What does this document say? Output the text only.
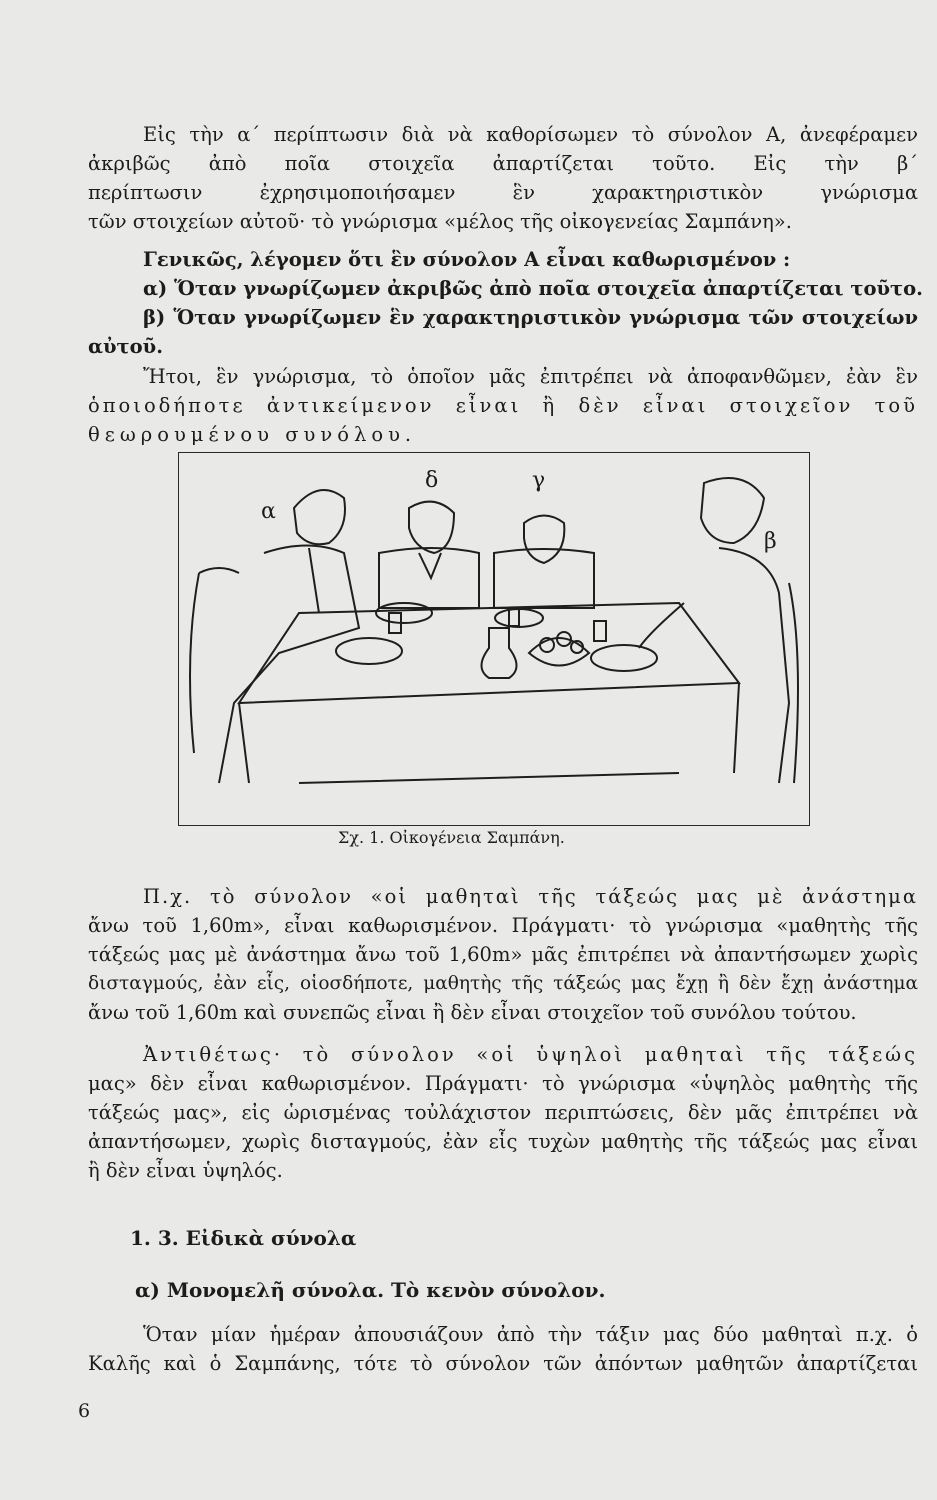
Εἰς τὴν α΄ περίπτωσιν διὰ νὰ καθορίσωμεν τὸ σύνολον Α, ἀνεφέραμεν
ἀκριβῶς ἀπὸ ποῖα στοιχεῖα ἀπαρτίζεται τοῦτο. Εἰς τὴν β΄
περίπτωσιν ἐχρησιμοποιήσαμεν ἓν χαρακτηριστικὸν γνώρισμα
τῶν στοιχείων αὐτοῦ· τὸ γνώρισμα «μέλος τῆς οἰκογενείας Σαμπάνη».
Γενικῶς, λέγομεν ὅτι ἓν σύνολον Α εἶναι καθωρισμένον :
α) Ὅταν γνωρίζωμεν ἀκριβῶς ἀπὸ ποῖα στοιχεῖα ἀπαρτίζεται τοῦτο.
β) Ὅταν γνωρίζωμεν ἓν χαρακτηριστικὸν γνώρισμα τῶν στοιχείων
αὐτοῦ.
Ἤτοι, ἓν γνώρισμα, τὸ ὁποῖον μᾶς ἐπιτρέπει νὰ ἀποφανθῶμεν, ἐὰν ἓν
ὁποιοδήποτε ἀντικείμενον εἶναι ἢ δὲν εἶναι στοιχεῖον τοῦ
θεωρουμένου συνόλου.
α
δ	γ
β
Σχ. 1. Οἰκογένεια Σαμπάνη.
Π.χ. τὸ σύνολον «οἱ μαθηταὶ τῆς τάξεώς μας μὲ ἀνάστημα
ἄνω τοῦ 1,60m», εἶναι καθωρισμένον. Πράγματι· τὸ γνώρισμα «μαθητὴς τῆς
τάξεώς μας μὲ ἀνάστημα ἄνω τοῦ 1,60m» μᾶς ἐπιτρέπει νὰ ἀπαντήσωμεν χωρὶς
δισταγμούς, ἐὰν εἷς, οἱοσδήποτε, μαθητὴς τῆς τάξεώς μας ἔχῃ ἢ δὲν ἔχῃ ἀνάστημα
ἄνω τοῦ 1,60m καὶ συνεπῶς εἶναι ἢ δὲν εἶναι στοιχεῖον τοῦ συνόλου τούτου.
Ἀντιθέτως· τὸ σύνολον «οἱ ὑψηλοὶ μαθηταὶ τῆς τάξεώς
μας» δὲν εἶναι καθωρισμένον. Πράγματι· τὸ γνώρισμα «ὑψηλὸς μαθητὴς τῆς
τάξεώς μας», εἰς ὡρισμένας τοὐλάχιστον περιπτώσεις, δὲν μᾶς ἐπιτρέπει νὰ
ἀπαντήσωμεν, χωρὶς δισταγμούς, ἐὰν εἷς τυχὼν μαθητὴς τῆς τάξεώς μας εἶναι
ἢ δὲν εἶναι ὑψηλός.
1. 3. Εἰδικὰ σύνολα
α) Μονομελῆ σύνολα. Τὸ κενὸν σύνολον.
Ὅταν μίαν ἡμέραν ἀπουσιάζουν ἀπὸ τὴν τάξιν μας δύο μαθηταὶ π.χ. ὁ
Καλῆς καὶ ὁ Σαμπάνης, τότε τὸ σύνολον τῶν ἀπόντων μαθητῶν ἀπαρτίζεται
6
